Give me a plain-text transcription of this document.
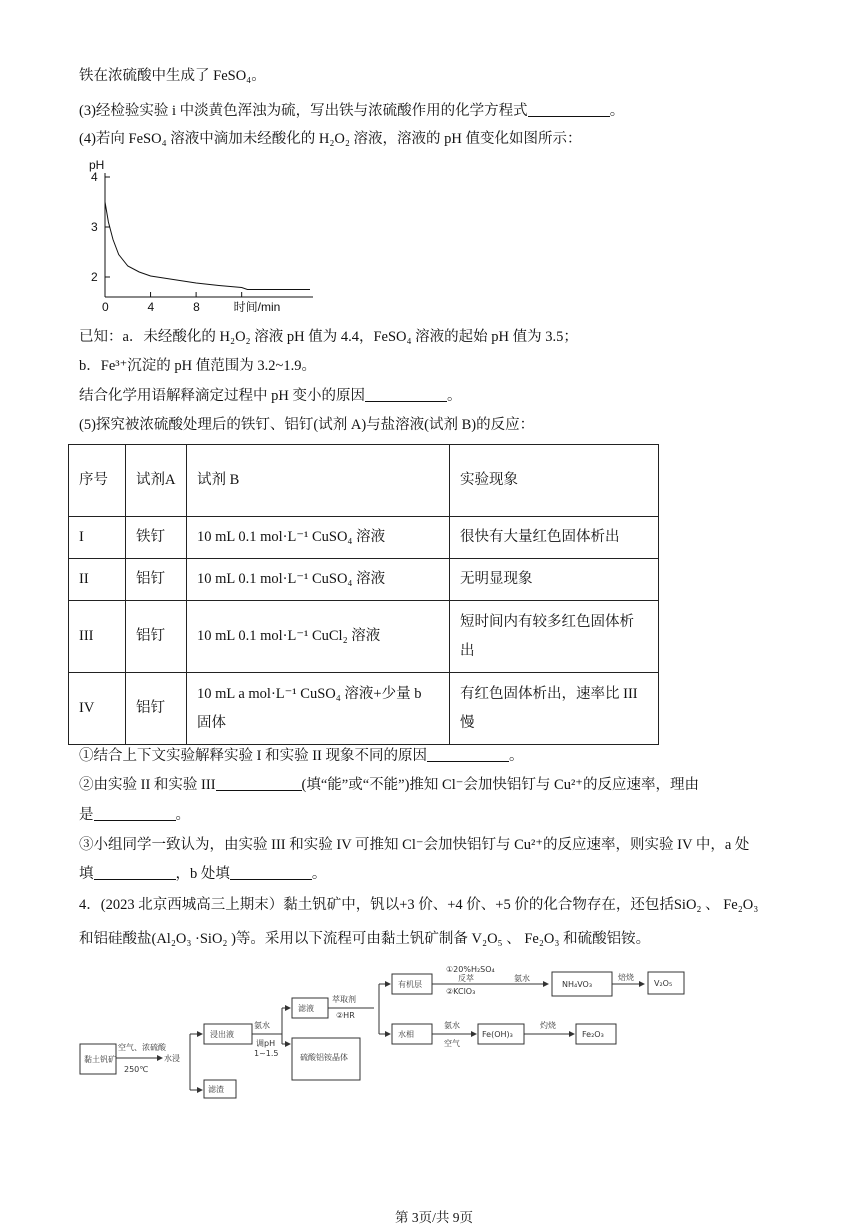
铁在浓硫酸中生成了 FeSO₄。
(3)经检验实验 i 中淡黄色浑浊为硫，写出铁与浓硫酸作用的化学方程式	。
(4)若向 FeSO₄ 溶液中滴加未经酸化的 H₂O₂ 溶液，溶液的 pH 值变化如图所示：
2
3
4
0	4	8
pH
时间/min
已知：a．未经酸化的 H₂O₂ 溶液 pH 值为 4.4，FeSO₄ 溶液的起始 pH 值为 3.5；
b．Fe³⁺沉淀的 pH 值范围为 3.2~1.9。
结合化学用语解释滴定过程中 pH 变小的原因	。
(5)探究被浓硫酸处理后的铁钉、铝钉(试剂 A)与盐溶液(试剂 B)的反应：
序号	试剂A	试剂 B	实验现象
I	铁钉	10 mL 0.1 mol·L⁻¹ CuSO₄ 溶液	很快有大量红色固体析出
II	铝钉	10 mL 0.1 mol·L⁻¹ CuSO₄ 溶液	无明显现象
III	铝钉	10 mL 0.1 mol·L⁻¹ CuCl₂ 溶液	短时间内有较多红色固体析出
IV	铝钉	10 mL a mol·L⁻¹ CuSO₄ 溶液+少量 b 固体	有红色固体析出，速率比 III 慢
①结合上下文实验解释实验 I 和实验 II 现象不同的原因	。
②由实验 II 和实验 III	(填“能”或“不能”)推知 Cl⁻会加快铝钉与 Cu²⁺的反应速率，理由
是	。
③小组同学一致认为，由实验 III 和实验 IV 可推知 Cl⁻会加快铝钉与 Cu²⁺的反应速率，则实验 IV 中，a 处
填	，b 处填	。
4．(2023 北京西城高三上期末）黏土钒矿中，钒以+3 价、+4 价、+5 价的化合物存在，还包括SiO₂ 、 Fe₂O₃
和铝硅酸盐(Al₂O₃ ·SiO₂ )等。采用以下流程可由黏土钒矿制备 V₂O₅ 、 Fe₂O₃ 和硫酸铝铵。
黏土钒矿
空气、浓硫酸
250℃
水浸
浸出液
滤渣
氨水
调pH
1~1.5
滤液
硫酸铝铵晶体
萃取剂
②HR
有机层
①20%H₂SO₄
反萃
②KClO₃
氨水
NH₄VO₃
焙烧
V₂O₅
水相
氨水
空气
Fe(OH)₃
灼烧
Fe₂O₃
第 3页/共 9页
